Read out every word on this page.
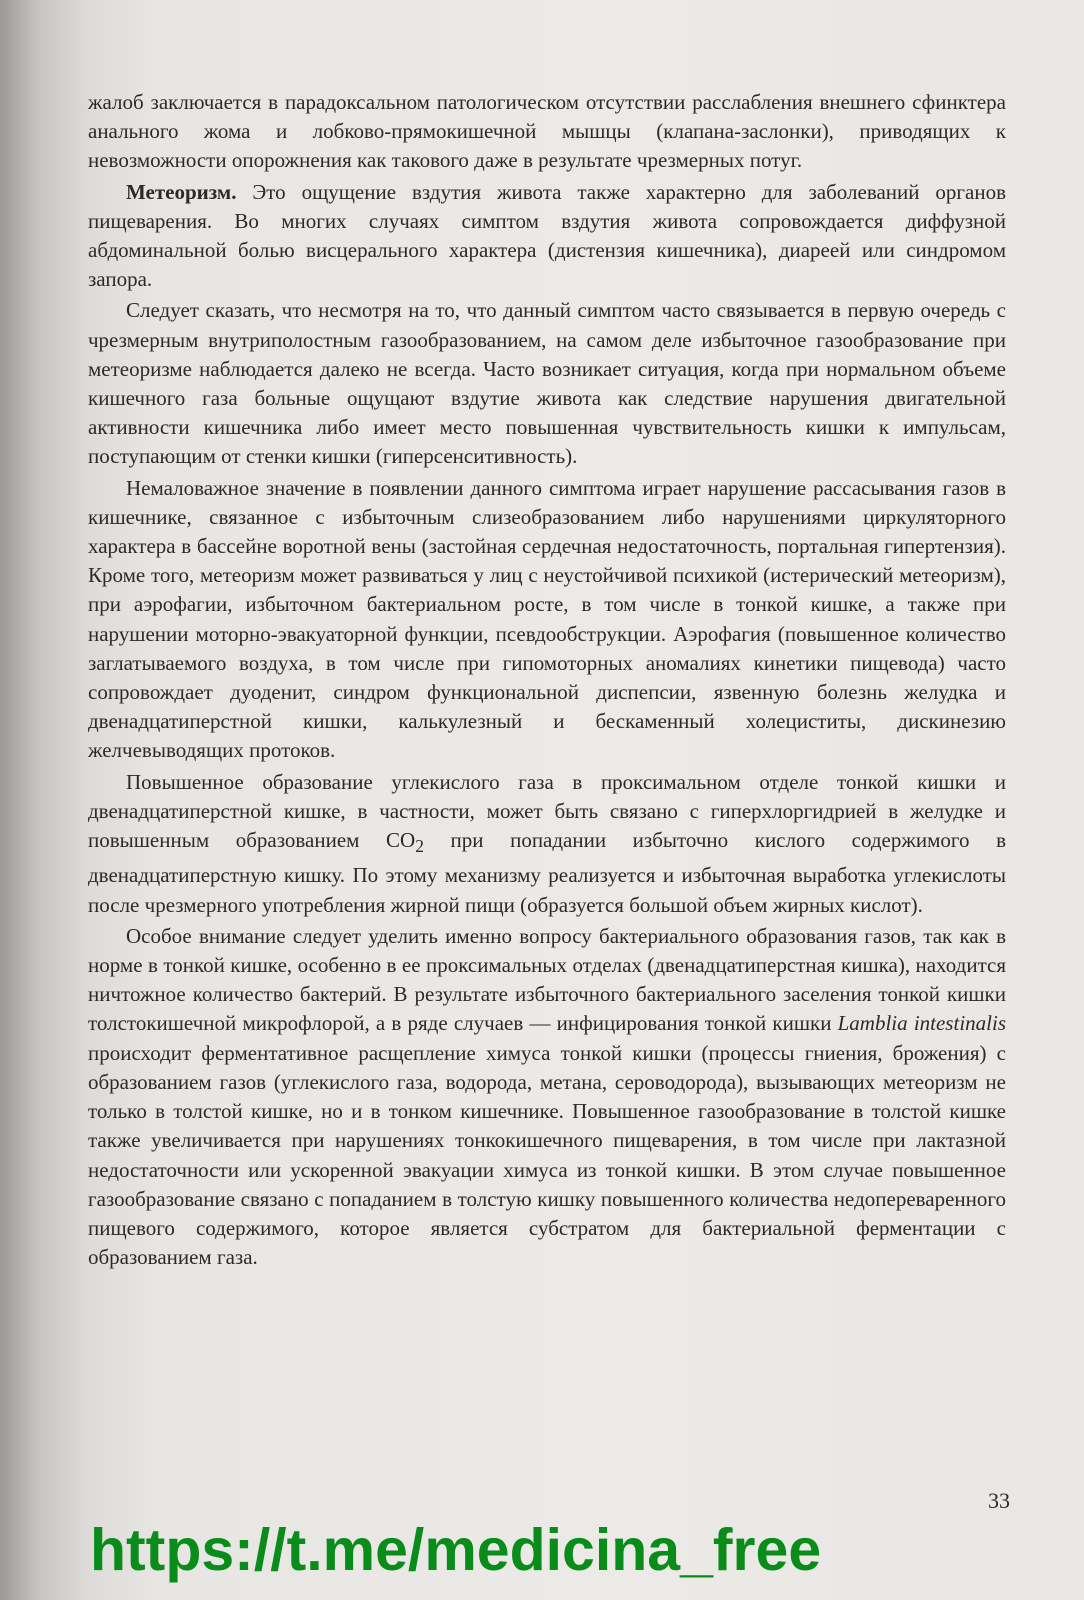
жалоб заключается в парадоксальном патологическом отсутствии расслабления внешнего сфинктера анального жома и лобково-прямокишечной мышцы (клапана-заслонки), приводящих к невозможности опорожнения как такового даже в результате чрезмерных потуг.

Метеоризм. Это ощущение вздутия живота также характерно для заболеваний органов пищеварения. Во многих случаях симптом вздутия живота сопровождается диффузной абдоминальной болью висцерального характера (дистензия кишечника), диареей или синдромом запора.

Следует сказать, что несмотря на то, что данный симптом часто связывается в первую очередь с чрезмерным внутриполостным газообразованием, на самом деле избыточное газообразование при метеоризме наблюдается далеко не всегда. Часто возникает ситуация, когда при нормальном объеме кишечного газа больные ощущают вздутие живота как следствие нарушения двигательной активности кишечника либо имеет место повышенная чувствительность кишки к импульсам, поступающим от стенки кишки (гиперсенситивность).

Немаловажное значение в появлении данного симптома играет нарушение рассасывания газов в кишечнике, связанное с избыточным слизеобразованием либо нарушениями циркуляторного характера в бассейне воротной вены (застойная сердечная недостаточность, портальная гипертензия). Кроме того, метеоризм может развиваться у лиц с неустойчивой психикой (истерический метеоризм), при аэрофагии, избыточном бактериальном росте, в том числе в тонкой кишке, а также при нарушении моторно-эвакуаторной функции, псевдообструкции. Аэрофагия (повышенное количество заглатываемого воздуха, в том числе при гипомоторных аномалиях кинетики пищевода) часто сопровождает дуоденит, синдром функциональной диспепсии, язвенную болезнь желудка и двенадцатиперстной кишки, калькулезный и бескаменный холециститы, дискинезию желчевыводящих протоков.

Повышенное образование углекислого газа в проксимальном отделе тонкой кишки и двенадцатиперстной кишке, в частности, может быть связано с гиперхлоргидрией в желудке и повышенным образованием $CO_2$ при попадании избыточно кислого содержимого в двенадцатиперстную кишку. По этому механизму реализуется и избыточная выработка углекислоты после чрезмерного употребления жирной пищи (образуется большой объем жирных кислот).

Особое внимание следует уделить именно вопросу бактериального образования газов, так как в норме в тонкой кишке, особенно в ее проксимальных отделах (двенадцатиперстная кишка), находится ничтожное количество бактерий. В результате избыточного бактериального заселения тонкой кишки толстокишечной микрофлорой, а в ряде случаев — инфицирования тонкой кишки Lamblia intestinalis происходит ферментативное расщепление химуса тонкой кишки (процессы гниения, брожения) с образованием газов (углекислого газа, водорода, метана, сероводорода), вызывающих метеоризм не только в толстой кишке, но и в тонком кишечнике. Повышенное газообразование в толстой кишке также увеличивается при нарушениях тонкокишечного пищеварения, в том числе при лактазной недостаточности или ускоренной эвакуации химуса из тонкой кишки. В этом случае повышенное газообразование связано с попаданием в толстую кишку повышенного количества недопереваренного пищевого содержимого, которое является субстратом для бактериальной ферментации с образованием газа.

33
https://t.me/medicina_free
